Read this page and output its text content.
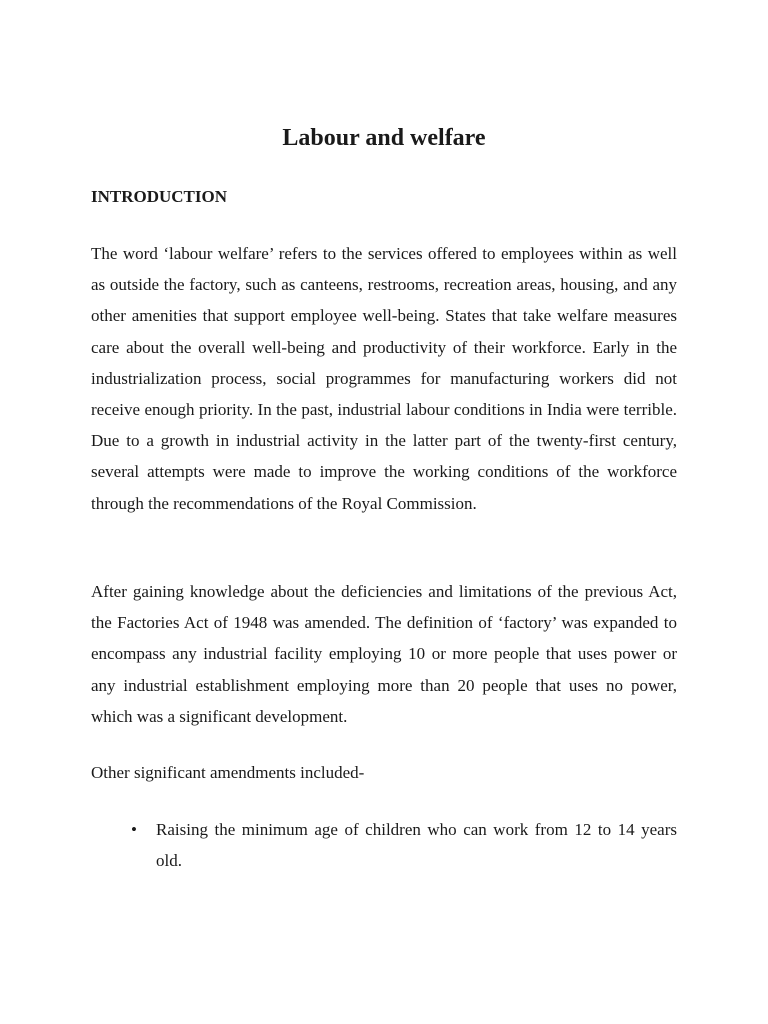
Labour and welfare
INTRODUCTION

The word ‘labour welfare’ refers to the services offered to employees within as well as outside the factory, such as canteens, restrooms, recreation areas, housing, and any other amenities that support employee well-being. States that take welfare measures care about the overall well-being and productivity of their workforce. Early in the industrialization process, social programmes for manufacturing workers did not receive enough priority. In the past, industrial labour conditions in India were terrible. Due to a growth in industrial activity in the latter part of the twenty-first century, several attempts were made to improve the working conditions of the workforce through the recommendations of the Royal Commission.

After gaining knowledge about the deficiencies and limitations of the previous Act, the Factories Act of 1948 was amended. The definition of ‘factory’ was expanded to encompass any industrial facility employing 10 or more people that uses power or any industrial establishment employing more than 20 people that uses no power, which was a significant development.

Other significant amendments included-

• Raising the minimum age of children who can work from 12 to 14 years old.
